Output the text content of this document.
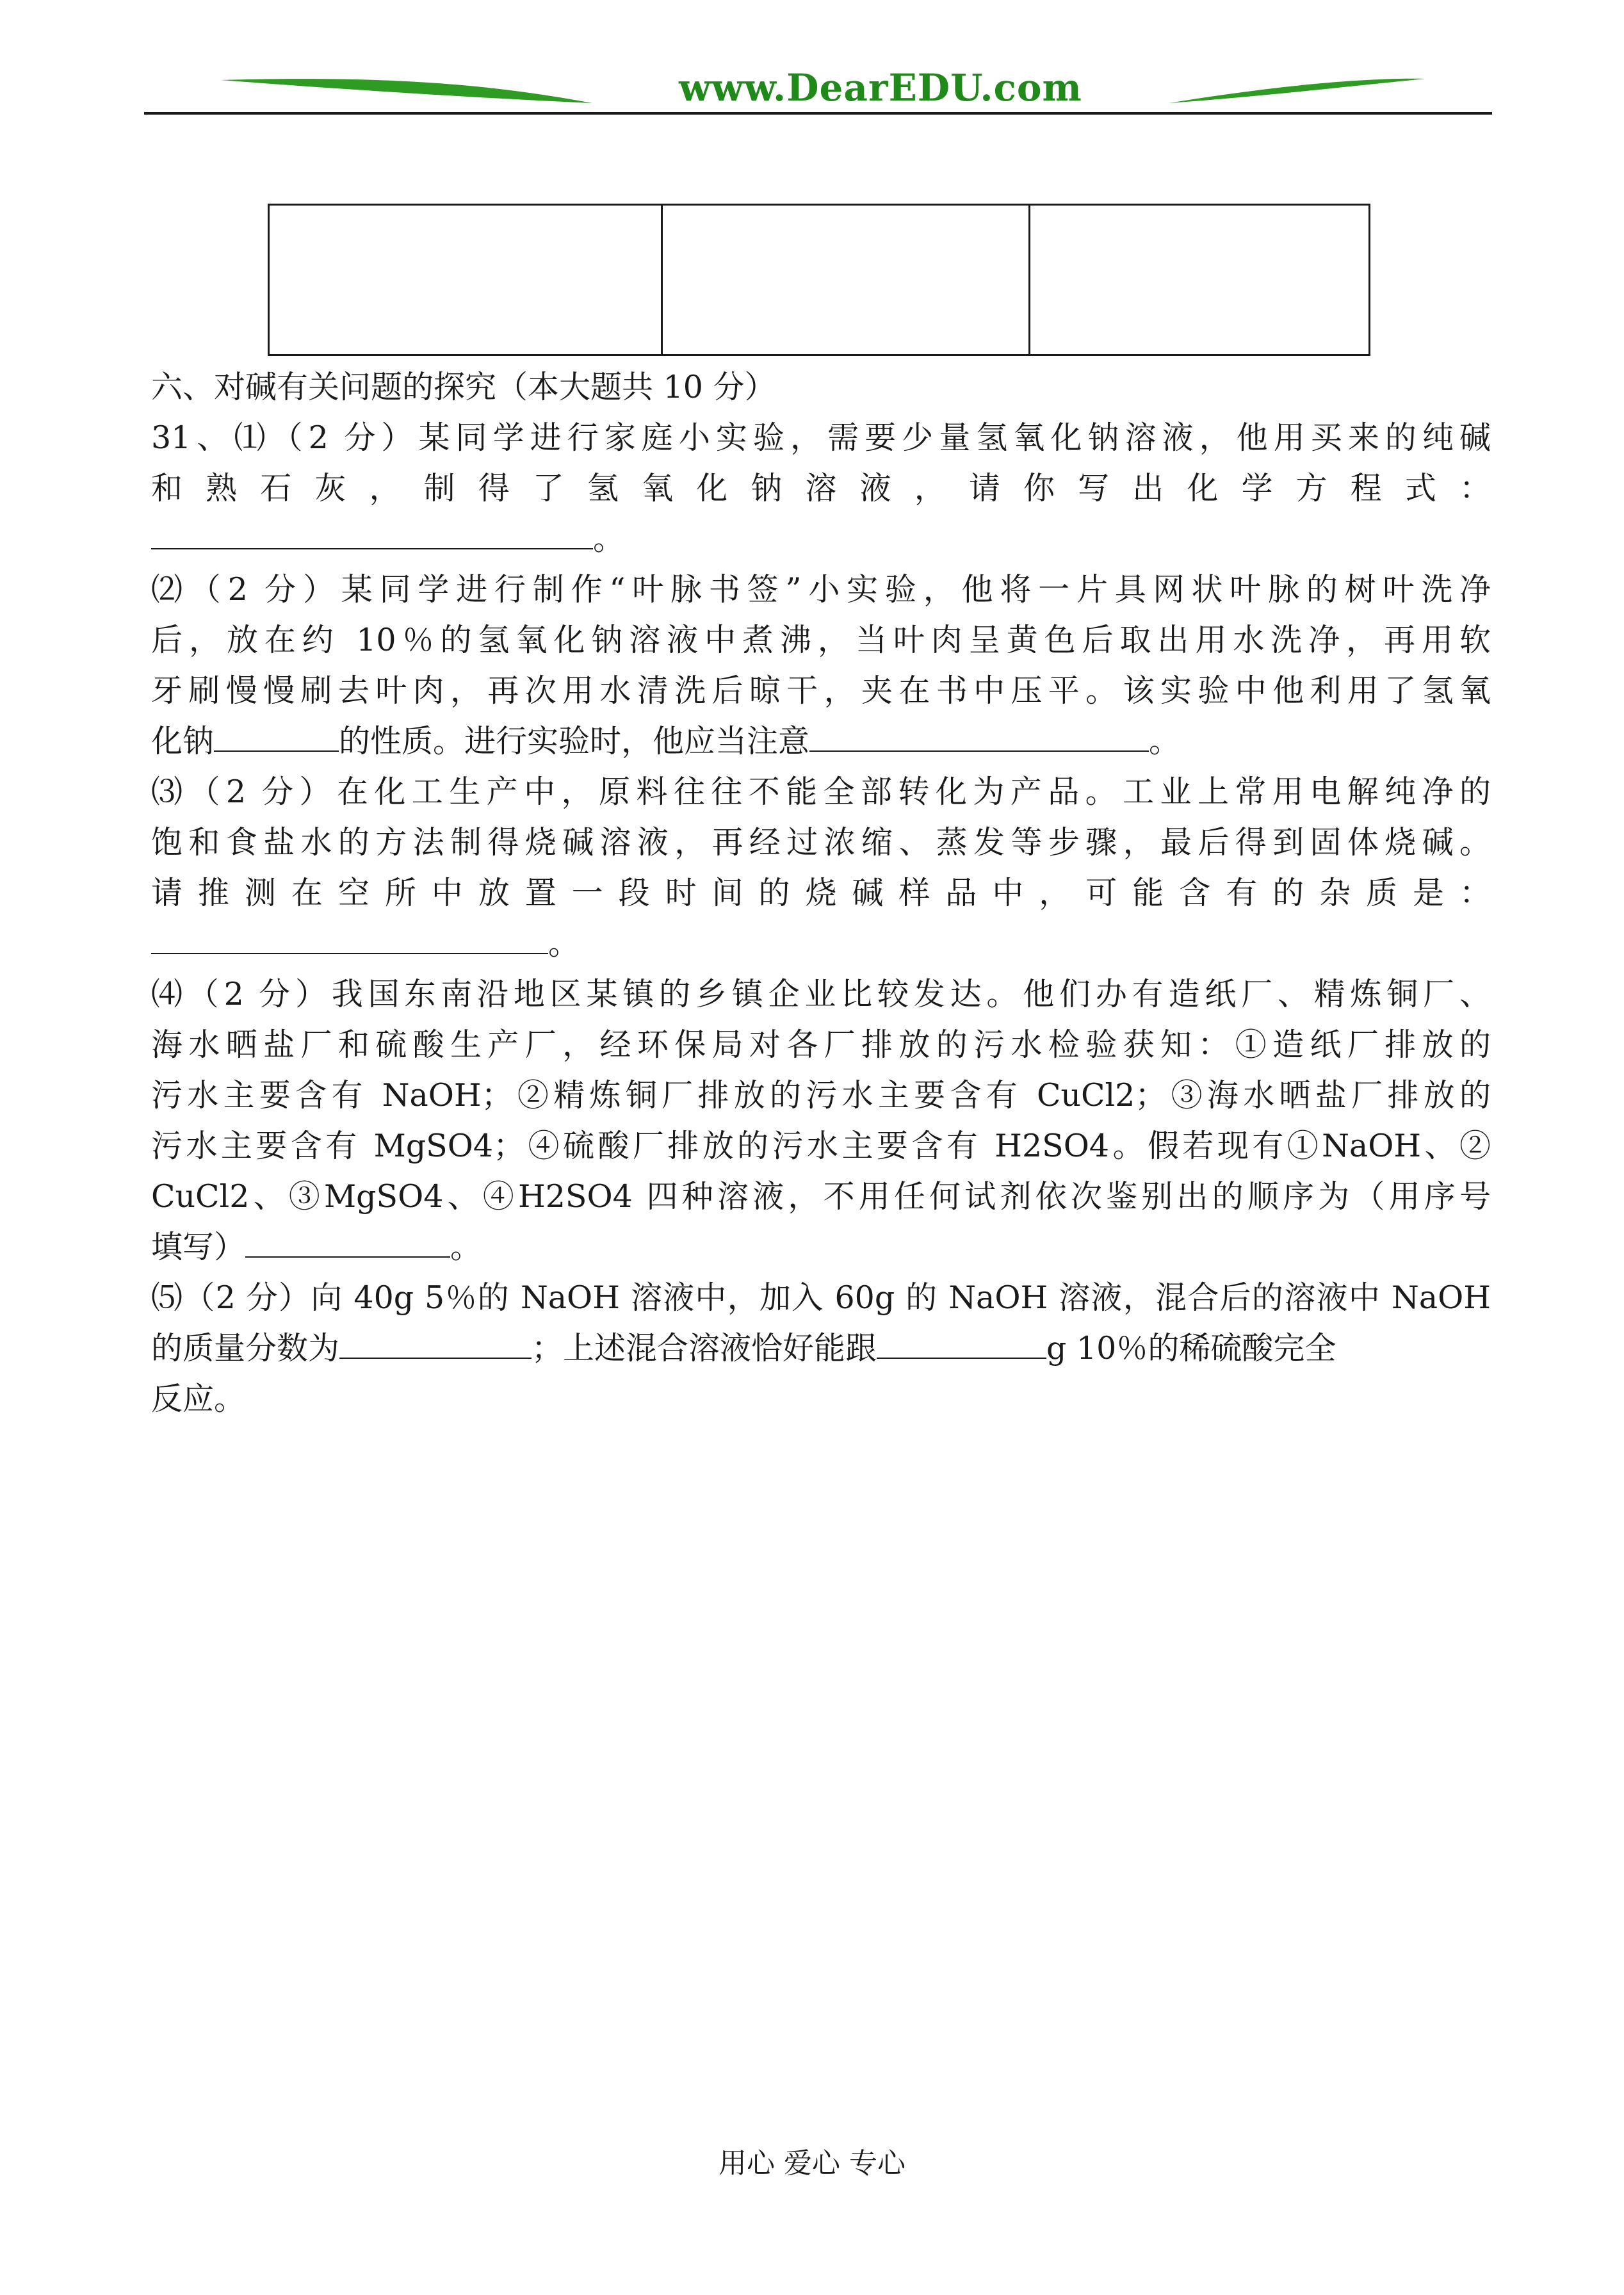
www.DearEDU.com

六、对碱有关问题的探究（本大题共 10 分）
31、⑴（2 分）某同学进行家庭小实验，需要少量氢氧化钠溶液，他用买来的纯碱
和熟石灰，制得了氢氧化钠溶液，请你写出化学方程式：
。
⑵（2 分）某同学进行制作“叶脉书签”小实验，他将一片具网状叶脉的树叶洗净
后，放在约 10％的氢氧化钠溶液中煮沸，当叶肉呈黄色后取出用水洗净，再用软
牙刷慢慢刷去叶肉，再次用水清洗后晾干，夹在书中压平。该实验中他利用了氢氧
化钠	的性质。进行实验时，他应当注意	。
⑶（2 分）在化工生产中，原料往往不能全部转化为产品。工业上常用电解纯净的
饱和食盐水的方法制得烧碱溶液，再经过浓缩、蒸发等步骤，最后得到固体烧碱。
请推测在空所中放置一段时间的烧碱样品中，可能含有的杂质是：
。
⑷（2 分）我国东南沿地区某镇的乡镇企业比较发达。他们办有造纸厂、精炼铜厂、
海水晒盐厂和硫酸生产厂，经环保局对各厂排放的污水检验获知：①造纸厂排放的
污水主要含有 NaOH；②精炼铜厂排放的污水主要含有 CuCl2；③海水晒盐厂排放的
污水主要含有 MgSO4；④硫酸厂排放的污水主要含有 H2SO4。假若现有①NaOH、②
CuCl2、③MgSO4、④H2SO4 四种溶液，不用任何试剂依次鉴别出的顺序为（用序号
填写）	。
⑸（2 分）向 40g 5％的 NaOH 溶液中，加入 60g 的 NaOH 溶液，混合后的溶液中 NaOH
的质量分数为	；上述混合溶液恰好能跟	g 10％的稀硫酸完全
反应。
用心 爱心 专心
